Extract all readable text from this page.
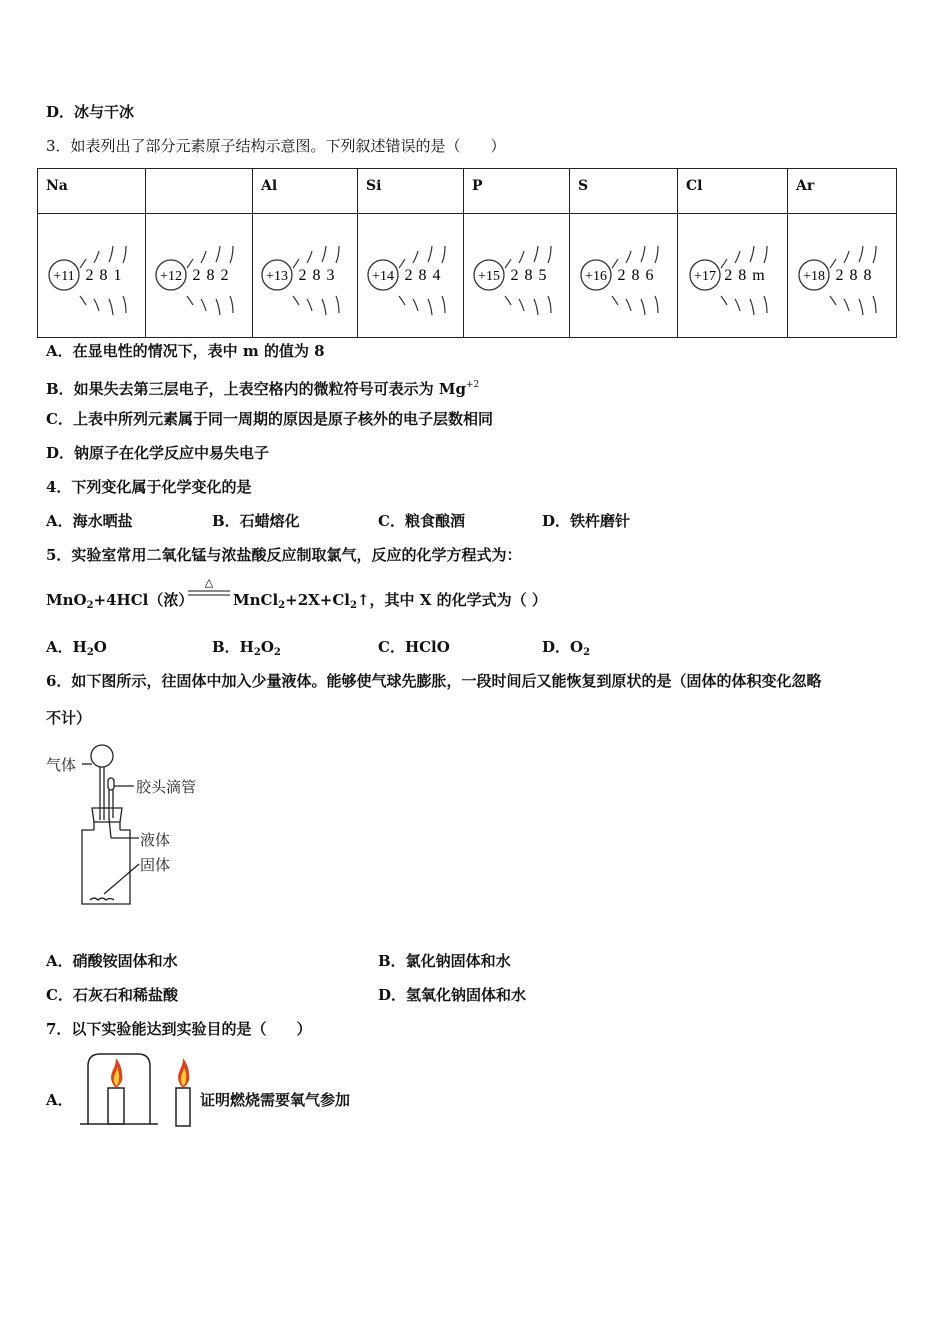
D．冰与干冰
3．如表列出了部分元素原子结构示意图。下列叙述错误的是（　　）
Na		Al	Si	P	S	Cl	Ar

+11 2 8 1	+12 2 8 2	+13 2 8 3	+14 2 8 4	+15 2 8 5	+16 2 8 6	+17 2 8 m	+18 2 8 8
A．在显电性的情况下，表中 m 的值为 8
B．如果失去第三层电子，上表空格内的微粒符号可表示为 $Mg^{+2}$
C．上表中所列元素属于同一周期的原因是原子核外的电子层数相同
D．钠原子在化学反应中易失电子
4．下列变化属于化学变化的是
A．海水晒盐	B．石蜡熔化	C．粮食酿酒	D．铁杵磨针
5．实验室常用二氧化锰与浓盐酸反应制取氯气，反应的化学方程式为：
MnO$_2$+4HCl（浓）
△
$MnCl_2+2X+Cl_2↑$，其中 X 的化学式为（ ）
A．$H_2O$	B．$H_2O_2$	C．HClO	D．$O_2$
6．如下图所示，往固体中加入少量液体。能够使气球先膨胀，一段时间后又能恢复到原状的是（固体的体积变化忽略
不计）
气体
胶头滴管
液体
固体
A．硝酸铵固体和水	B．氯化钠固体和水
C．石灰石和稀盐酸	D．氢氧化钠固体和水
7．以下实验能达到实验目的是（　　）
A．	证明燃烧需要氧气参加
